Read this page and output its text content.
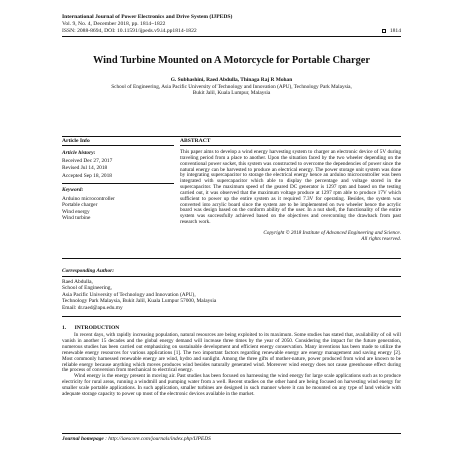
International Journal of Power Electronics and Drive System (IJPEDS)
Vol. 9, No. 4, December 2018, pp. 1814~1822
ISSN: 2088-8694, DOI: 10.11591/ijpeds.v9.i4.pp1814-1822	1814
Wind Turbine Mounted on A Motorcycle for Portable Charger
G. Subhashini, Raed Abdulla, Thinaga Raj R Mohan
School of Engineering, Asia Pacific University of Technology and Innovation (APU), Technology Park Malaysia,
Bukit Jalil, Kuala Lumpur, Malaysia
Article Info	ABSTRACT
Article history:
Received Dec 27, 2017
Revised Jul 14, 2018
Accepted Sep 18, 2018
Keyword:
Arduino microcontroller
Portable charger
Wind energy
Wind turbine
This paper aims to develop a wind energy harvesting system to charger an electronic device of 5V during traveling period from a place to another. Upon the situation faced by the two wheeler depending on the conventional power socket, this system was constructed to overcome the dependencies of power since the natural energy can be harvested to produce an electrical energy. The power storage unit system was done by integrating supercapacitor to storage the electrical energy hence an arduino microcontroller was been integrated with supercapacitor which able to display the percentage and voltage stored in the supercapacitor. The maximum speed of the geared DC generator is 1297 rpm and based on the testing carried out, it was observed that the maximum voltage produce at 1297 rpm able to produce 17V which sufficient to power up the entire system as it required 7.3V for operating. Besides, the system was converted into acrylic board since the system are to be implemented on two wheeler hence the acrylic board was design based on the conform ability of the user. In a nut shell, the functionality of the entire system was successfully achieved based on the objectives and overcoming the drawback from past research work.
Copyright © 2018 Institute of Advanced Engineering and Science.
All rights reserved.
Corresponding Author:
Raed Abdulla,
School of Engineering,
Asia Pacific University of Technology and Innovation (APU),
Technology Park Malaysia, Bukit Jalil, Kuala Lumpur 57000, Malaysia
Email: dr.raed@apu.edu.my
1.      INTRODUCTION

In recent days, with rapidly increasing population, natural resources are being exploited to its maximum. Some studies has stated that, availability of oil will vanish in another 15 decades and the global energy demand will increase three times by the year of 2050. Considering the impact for the future generation, numerous studies has been carried out emphasizing on sustainable development and efficient energy conservation. Many inventions has been made to utilize the renewable energy resources for various applications [1]. The two important factors regarding renewable energy are energy management and saving energy [2]. Most commonly harnessed renewable energy are wind, hydro and sunlight. Among the three gifts of mother-nature, power produced from wind are known to be reliable energy because anything which moves produces wind besides naturally generated wind. Moreover wind energy does not cause greenhouse effect during the process of conversion from mechanical to electrical energy.

Wind energy is the energy present in moving air. Past studies has been focused on harnessing the wind energy for large scale applications such as to produce electricity for rural areas, running a windmill and pumping water from a well. Recent studies on the other hand are being focused on harvesting wind energy for smaller scale portable applications. In such application, smaller turbines are designed in such manner where it can be mounted on any type of land vehicle with adequate storage capacity to power up most of the electronic devices available in the market.

Journal homepage : http://iaescore.com/journals/index.php/IJPEDS
